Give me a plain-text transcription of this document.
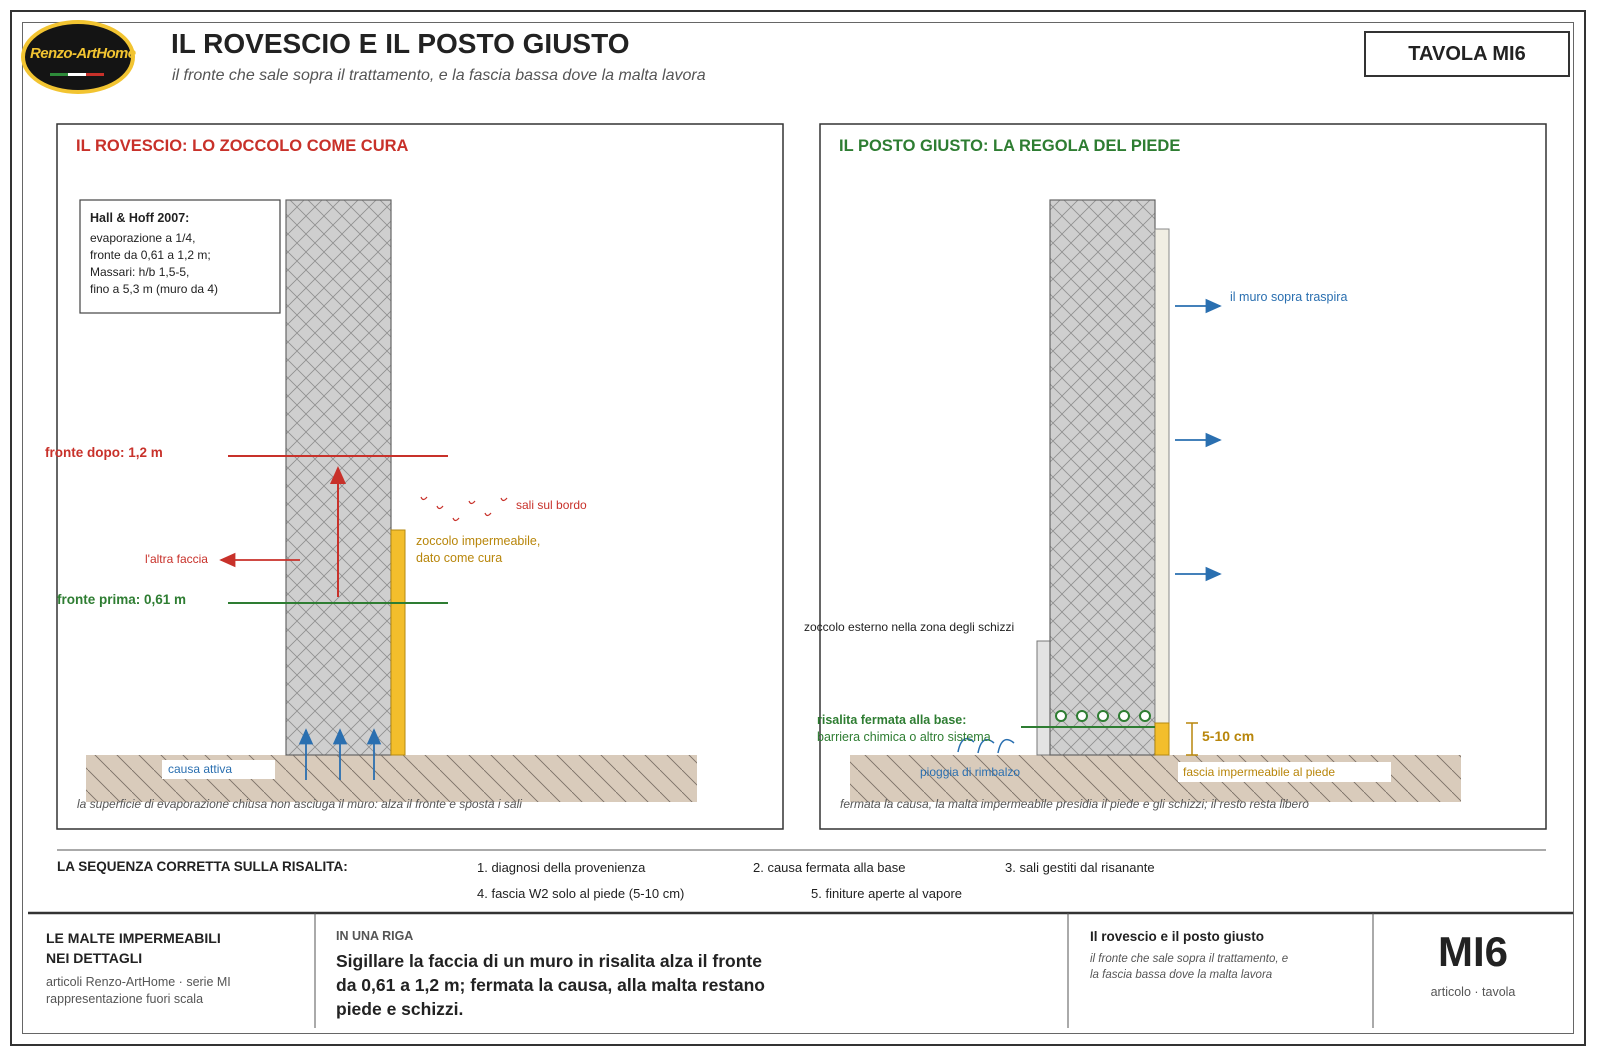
Renzo-ArtHome IL ROVESCIO E IL POSTO GIUSTO
il fronte che sale sopra il trattamento, e la fascia bassa dove la malta lavora
TAVOLA MI6
IL ROVESCIO: LO ZOCCOLO COME CURA
Hall & Hoff 2007:
evaporazione a 1/4,
fronte da 0,61 a 1,2 m;
Massari: h/b 1,5-5,
fino a 5,3 m (muro da 4)
fronte dopo: 1,2 m
fronte prima: 0,61 m
l'altra faccia
sali sul bordo
zoccolo impermeabile,
dato come cura
causa attiva
la superficie di evaporazione chiusa non asciuga il muro: alza il fronte e sposta i sali
IL POSTO GIUSTO: LA REGOLA DEL PIEDE
il muro sopra traspira
zoccolo esterno nella zona degli schizzi
risalita fermata alla base:
barriera chimica o altro sistema	5-10 cm
pioggia di rimbalzo	fascia impermeabile al piede
fermata la causa, la malta impermeabile presidia il piede e gli schizzi; il resto resta libero
LA SEQUENZA CORRETTA SULLA RISALITA:	1. diagnosi della provenienza	2. causa fermata alla base	3. sali gestiti dal risanante
4. fascia W2 solo al piede (5-10 cm)	5. finiture aperte al vapore
LE MALTE IMPERMEABILI
NEI DETTAGLI
articoli Renzo-ArtHome · serie MI
rappresentazione fuori scala
IN UNA RIGA
Sigillare la faccia di un muro in risalita alza il fronte
da 0,61 a 1,2 m; fermata la causa, alla malta restano
piede e schizzi.
Il rovescio e il posto giusto
il fronte che sale sopra il trattamento, e
la fascia bassa dove la malta lavora	MI6
articolo · tavola
